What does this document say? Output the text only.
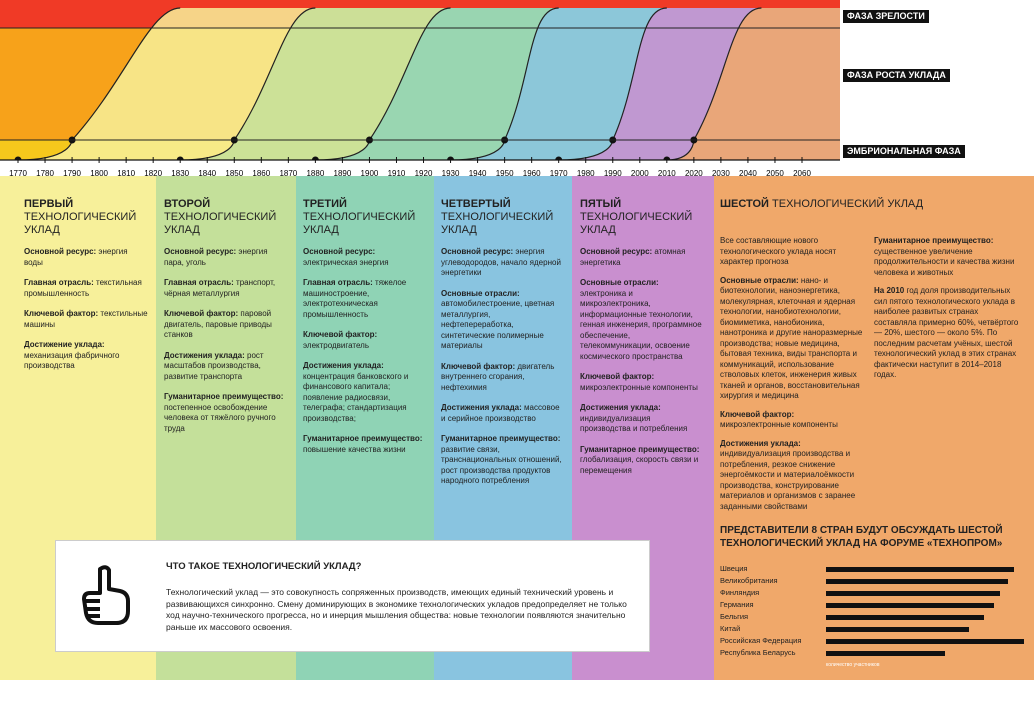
1770 1780 1790 1800 1810 1820 1830 1840 1850 1860 1870 1880 1890 1900 1910 1920 1930 1940 1950 1960 1970 1980 1990 2000 2010 2020 2030 2040 2050 2060
ФАЗА ЗРЕЛОСТИ
ФАЗА РОСТА УКЛАДА
ЭМБРИОНАЛЬНАЯ ФАЗА
ПЕРВЫЙ
ТЕХНОЛОГИЧЕСКИЙ УКЛАД

Основной ресурс: энергия воды

Главная отрасль: текстильная промышленность

Ключевой фактор: текстильные машины

Достижение уклада: механизация фабричного производства

ВТОРОЙ
ТЕХНОЛОГИЧЕСКИЙ УКЛАД

Основной ресурс: энергия пара, уголь

Главная отрасль: транспорт, чёрная металлургия

Ключевой фактор: паровой двигатель, паровые приводы станков

Достижения уклада: рост масштабов производства, развитие транспорта

Гуманитарное преимущество: постепенное освобождение человека от тяжёлого ручного труда

ТРЕТИЙ
ТЕХНОЛОГИЧЕСКИЙ УКЛАД

Основной ресурс: электрическая энергия

Главная отрасль: тяжелое машиностроение, электротехническая промышленность

Ключевой фактор: электродвигатель

Достижения уклада: концентрация банковского и финансового капитала; появление радиосвязи, телеграфа; стандартизация производства;

Гуманитарное преимущество: повышение качества жизни

ЧЕТВЕРТЫЙ
ТЕХНОЛОГИЧЕСКИЙ УКЛАД

Основной ресурс: энергия углеводородов, начало ядерной энергетики

Основные отрасли: автомобилестроение, цветная металлургия, нефтепереработка, синтетические полимерные материалы

Ключевой фактор: двигатель внутреннего сгорания, нефтехимия

Достижения уклада: массовое и серийное производство

Гуманитарное преимущество: развитие связи, транснациональных отношений, рост производства продуктов народного потребления

ПЯТЫЙ
ТЕХНОЛОГИЧЕСКИЙ УКЛАД

Основной ресурс: атомная энергетика

Основные отрасли: электроника и микроэлектроника, информационные технологии, генная инженерия, программное обеспечение, телекоммуникации, освоение космического пространства

Ключевой фактор: микроэлектронные компоненты

Достижения уклада: индивидуализация производства и потребления

Гуманитарное преимущество: глобализация, скорость связи и перемещения

ШЕСТОЙ ТЕХНОЛОГИЧЕСКИЙ УКЛАД

Все составляющие нового технологического уклада носят характер прогноза

Основные отрасли: нано- и биотехнологии, наноэнергетика, молекулярная, клеточная и ядерная технологии, нанобиотехнологии, биомиметика, нанобионика, нанотроника и другие наноразмерные производства; новые медицина, бытовая техника, виды транспорта и коммуникаций, использование стволовых клеток, инженерия живых тканей и органов, восстановительная хирургия и медицина

Ключевой фактор: микроэлектронные компоненты

Достижения уклада: индивидуализация производства и потребления, резкое снижение энергоёмкости и материалоёмкости производства, конструирование материалов и организмов с заранее заданными свойствами

Гуманитарное преимущество: существенное увеличение продолжительности и качества жизни человека и животных

На 2010 год доля производительных сил пятого технологического уклада в наиболее развитых странах составляла примерно 60%, четвёртого — 20%, шестого — около 5%. По последним расчетам учёных, шестой технологический уклад в этих странах фактически наступит в 2014–2018 годах.

ПРЕДСТАВИТЕЛИ 8 СТРАН БУДУТ ОБСУЖДАТЬ ШЕСТОЙ ТЕХНОЛОГИЧЕСКИЙ УКЛАД НА ФОРУМЕ «ТЕХНОПРОМ»
Швеция
Великобритания
Финляндия
Германия
Бельгия
Китай
Российская Федерация
Республика Беларусь
количество участников
ЧТО ТАКОЕ ТЕХНОЛОГИЧЕСКИЙ УКЛАД?
Технологический уклад — это совокупность сопряженных производств, имеющих единый технический уровень и развивающихся синхронно. Смену доминирующих в экономике технологических укладов предопределяет не только ход научно-технического прогресса, но и инерция мышления общества: новые технологии появляются значительно раньше их массового освоения.
